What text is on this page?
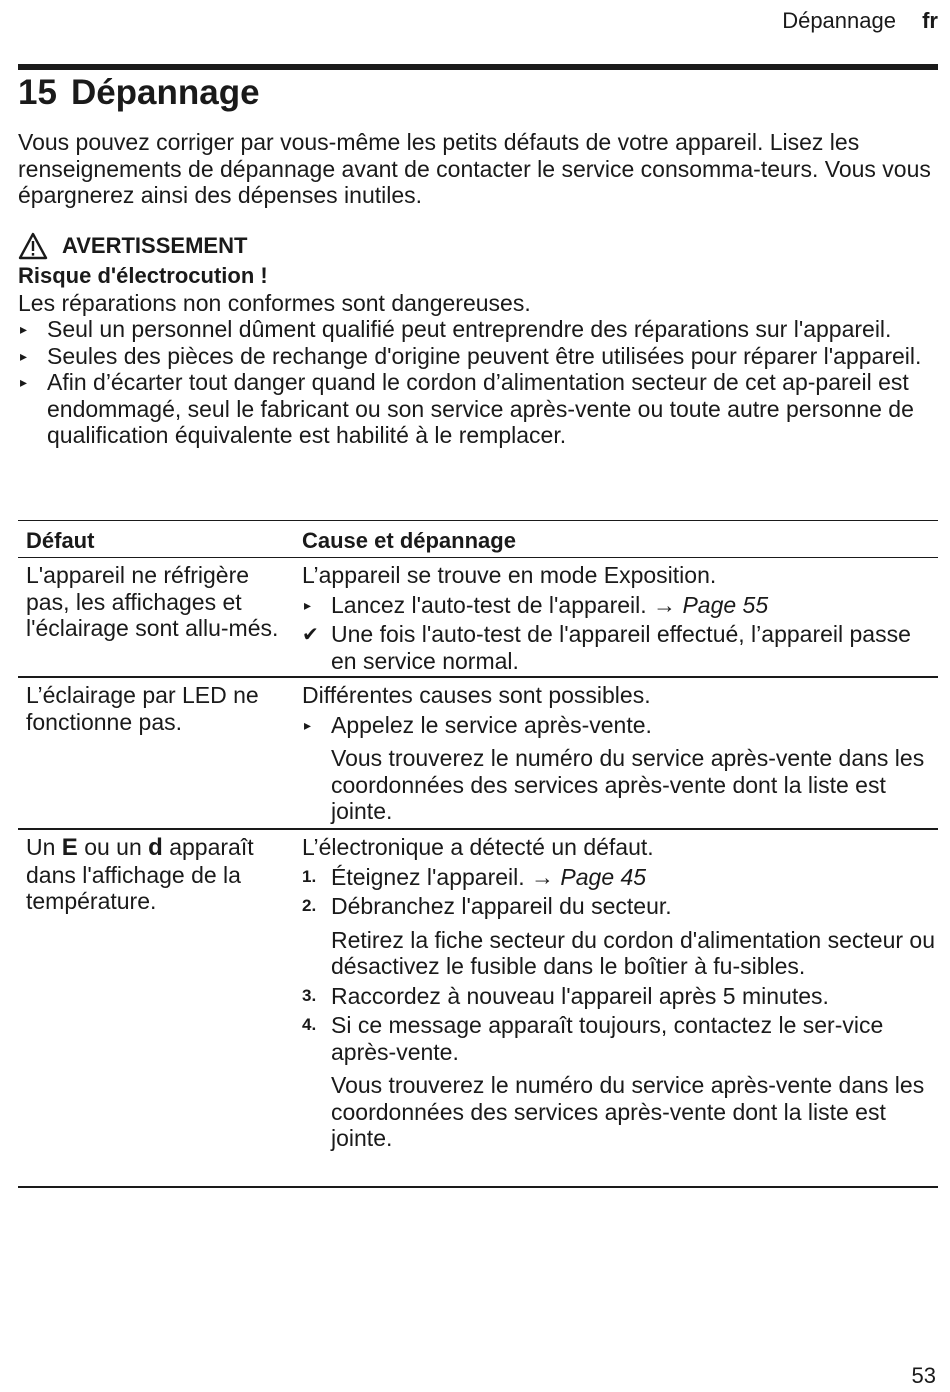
Dépannage fr
15 Dépannage

Vous pouvez corriger par vous-même les petits défauts de votre appareil. Lisez les renseignements de dépannage avant de contacter le service consomma-teurs. Vous vous épargnerez ainsi des dépenses inutiles.

AVERTISSEMENT
Risque d'électrocution !
Les réparations non conformes sont dangereuses.
▸ Seul un personnel dûment qualifié peut entreprendre des réparations sur l'appareil.
▸ Seules des pièces de rechange d'origine peuvent être utilisées pour réparer l'appareil.
▸ Afin d’écarter tout danger quand le cordon d’alimentation secteur de cet ap-pareil est endommagé, seul le fabricant ou son service après-vente ou toute autre personne de qualification équivalente est habilité à le remplacer.
Défaut	Cause et dépannage
L'appareil ne réfrigère pas, les affichages et l'éclairage sont allu-més.
L’appareil se trouve en mode Exposition.
▸ Lancez l'auto-test de l'appareil. → Page 55
✔ Une fois l'auto-test de l'appareil effectué, l’appareil passe en service normal.
L’éclairage par LED ne fonctionne pas.
Différentes causes sont possibles.
▸ Appelez le service après-vente.
Vous trouverez le numéro du service après-vente dans les coordonnées des services après-vente dont la liste est jointe.
Un E ou un d apparaît dans l'affichage de la température.
L’électronique a détecté un défaut.
1. Éteignez l'appareil. → Page 45
2. Débranchez l'appareil du secteur.
Retirez la fiche secteur du cordon d'alimentation secteur ou désactivez le fusible dans le boîtier à fu-sibles.
3. Raccordez à nouveau l'appareil après 5 minutes.
4. Si ce message apparaît toujours, contactez le ser-vice après-vente.
Vous trouverez le numéro du service après-vente dans les coordonnées des services après-vente dont la liste est jointe.
53
